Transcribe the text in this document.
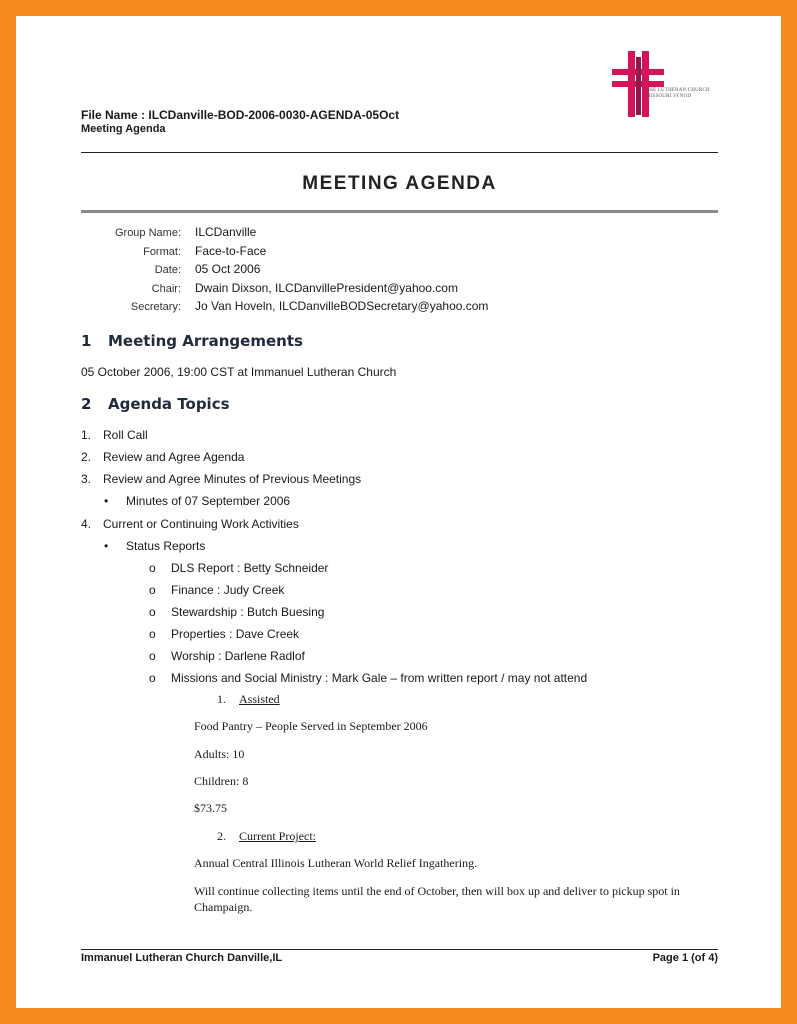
THE LUTHERAN CHURCH MISSOURI SYNOD
File Name : ILCDanville-BOD-2006-0030-AGENDA-05Oct
Meeting Agenda
MEETING AGENDA
Group Name: ILCDanville
Format: Face-to-Face
Date: 05 Oct 2006
Chair: Dwain Dixson, ILCDanvillePresident@yahoo.com
Secretary: Jo Van Hoveln, ILCDanvilleBODSecretary@yahoo.com
1 Meeting Arrangements
05 October 2006, 19:00 CST at Immanuel Lutheran Church
2 Agenda Topics
1. Roll Call
2. Review and Agree Agenda
3. Review and Agree Minutes of Previous Meetings
• Minutes of 07 September 2006
4. Current or Continuing Work Activities
• Status Reports
o DLS Report : Betty Schneider
o Finance : Judy Creek
o Stewardship : Butch Buesing
o Properties : Dave Creek
o Worship : Darlene Radlof
o Missions and Social Ministry : Mark Gale – from written report / may not attend
1. Assisted
Food Pantry – People Served in September 2006
Adults: 10
Children: 8
$73.75
2. Current Project:
Annual Central Illinois Lutheran World Relief Ingathering.
Will continue collecting items until the end of October, then will box up and deliver to pickup spot in
Champaign.
Immanuel Lutheran Church Danville,IL	Page 1 (of 4)
